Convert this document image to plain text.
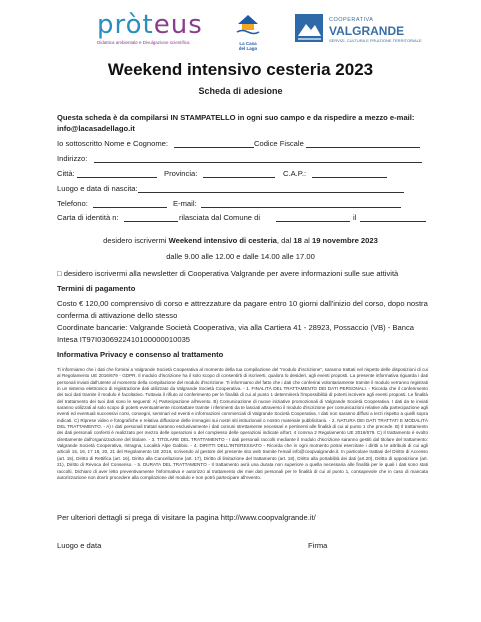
pròteus
Didattica ambientale e Divulgazione scientifica	La Casa
del Lago
COOPERATIVA
VALGRANDE
SERVIZI, CULTURA E FRUIZIONE TERRITORIALE
Weekend intensivo cesteria 2023
Scheda di adesione
Questa scheda è da compilarsi IN STAMPATELLO in ogni suo campo e da rispedire a mezzo e-mail: info@lacasadellago.it
Io sottoscritto Nome e Cognome:	Codice Fiscale
Indirizzo:
Città:	Provincia:	C.A.P.:
Luogo e data di nascita:
Telefono:	E-mail:
Carta di identità n:	rilasciata dal Comune di	il
desidero iscrivermi Weekend intensivo di cesteria, dal 18 al 19 novembre 2023
dalle 9.00 alle 12.00 e dalle 14.00 alle 17.00
□ desidero iscrivermi alla newsletter di Cooperativa Valgrande per avere informazioni sulle sue attività
Termini di pagamento
Costo € 120,00 comprensivo di corso e attrezzature da pagare entro 10 giorni dall'inizio del corso, dopo nostra conferma di attivazione dello stesso
Coordinate bancarie: Valgrande Società Cooperativa, via alla Cartiera 41 - 28923, Possaccio (VB) - Banca Intesa IT97I0306922410100000010035
Informativa Privacy e consenso al trattamento
Ti informiamo che i dati che fornirai a Valgrande Società Cooperativa al momento della tua compilazione del "modulo d'iscrizione", saranno trattati nel rispetto delle disposizioni di cui al Regolamento UE 2016/679 - GDPR. Il modulo d'iscrizione ha il solo scopo di consentirti di iscriverti, qualora lo desideri, agli eventi proposti. La presente informativa riguarda i dati personali inviati dall'utente al momento della compilazione del modulo d'iscrizione. Ti informiamo del fatto che i dati che conferirai volontariamente tramite il modulo verranno registrati in un sistema elettronico di registrazione dati utilizzato da Valgrande Società Cooperativa. - 1. FINALITÀ DEL TRATTAMENTO DEI DATI PERSONALI. - Ricorda che il conferimento dei tuoi dati tramite il modulo è facoltativo. Tuttavia il rifiuto al conferimento per le finalità di cui al punto 1 determinerà l'impossibilità di poterti iscrivere agli eventi proposti. Le finalità del trattamento dei tuoi dati sono le seguenti: A) Partecipazione all'evento. B) Comunicazione di nuove iniziative promozionali di Valgrande Società Cooperativa. I dati da te inviati saranno utilizzati al solo scopo di poterti eventualmente ricontattare tramite i riferimenti da te lasciati attraverso il modulo d'iscrizione per comunicazioni relative alla partecipazione agli eventi ed eventuali successivi corsi, convegni, seminari ed eventi e informazioni commerciali di Valgrande Società Cooperativa. I dati non saranno diffusi a terzi rispetto a quelli sopra indicati. C) Riprese video e fotografiche e relativa diffusione delle immagini sui nostri siti istituzionali o nostro materiale pubblicitario. - 2. NATURA DEI DATI TRATTATI E MODALITÀ DEL TRATTAMENTO. - A) I dati personali trattati saranno esclusivamente i dati comuni strettamente necessari e pertinenti alle finalità di cui al punto 1 che precede. B) Il trattamento dei dati personali conferiti è realizzato per mezzo delle operazioni o del complesso delle operazioni indicate all'art. 4 comma 2 Regolamento UE 2016/679. C) Il trattamento è svolto direttamente dall'organizzazione del titolare. - 3. TITOLARE DEL TRATTAMENTO - I dati personali raccolti mediante il modulo d'iscrizione saranno gestiti dal titolare del trattamento: Valgrande Società Cooperativa, Intragna, Località Alpe Gabbio. - 4. DIRITTI DELL'INTERESSATO - Ricorda che in ogni momento potrai esercitare i diritti a te attribuiti di cui agli articoli 15, 16, 17 18, 20, 21 del Regolamento UE 2016, scrivendo al gestore del presente sito web tramite l'email info@coopvalgrande.it. In particolare trattasi del Diritto di Accesso (art. 15), Diritto di Rettifica (art. 16), Diritto alla Cancellazione (art. 17), Diritto di limitazione del trattamento (art. 18), Diritto alla portabilità dei dati (art.20), Diritto di opposizione (art. 21), Diritto di Revoca del Consenso. - 5. DURATA DEL TRATTAMENTO - Il trattamento avrà una durata non superiore a quella necessaria alle finalità per le quali i dati sono stati raccolti. Dichiaro di aver letto preventivamente l'informativa e autorizzo al trattamento dei miei dati personali per le finalità di cui al punto 1, consapevole che in caso di mancata autorizzazione non dovrò procedere alla compilazione del modulo e non potrò partecipare all'evento.
Per ulteriori dettagli si prega di visitare la pagina http://www.coopvalgrande.it/
Luogo e data	Firma
